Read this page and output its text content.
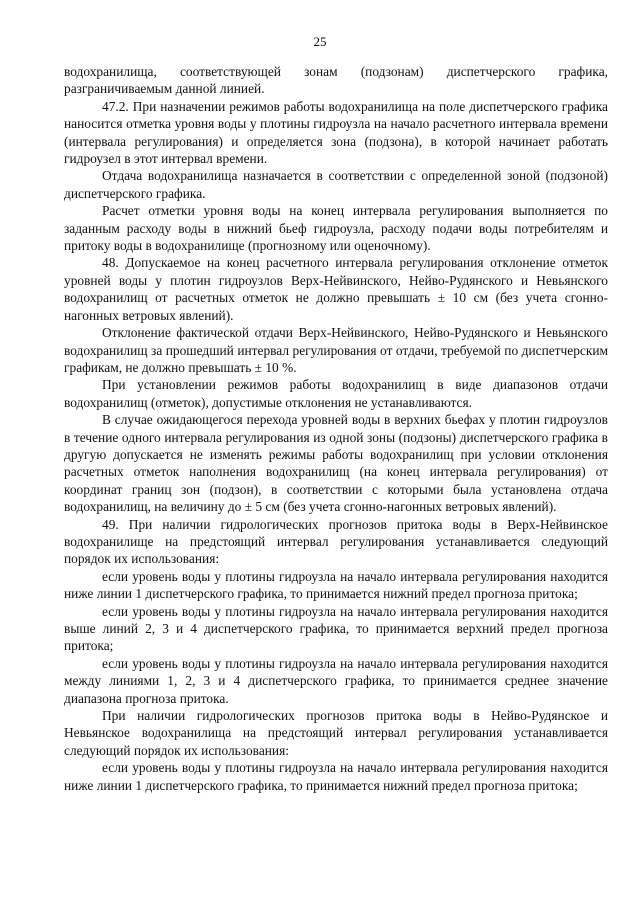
25

водохранилища, соответствующей зонам (подзонам) диспетчерского графика, разграничиваемым данной линией.

47.2. При назначении режимов работы водохранилища на поле диспетчерского графика наносится отметка уровня воды у плотины гидроузла на начало расчетного интервала времени (интервала регулирования) и определяется зона (подзона), в которой начинает работать гидроузел в этот интервал времени.

Отдача водохранилища назначается в соответствии с определенной зоной (подзоной) диспетчерского графика.

Расчет отметки уровня воды на конец интервала регулирования выполняется по заданным расходу воды в нижний бьеф гидроузла, расходу подачи воды потребителям и притоку воды в водохранилище (прогнозному или оценочному).

48. Допускаемое на конец расчетного интервала регулирования отклонение отметок уровней воды у плотин гидроузлов Верх-Нейвинского, Нейво-Рудянского и Невьянского водохранилищ от расчетных отметок не должно превышать ± 10 см (без учета сгонно-нагонных ветровых явлений).

Отклонение фактической отдачи Верх-Нейвинского, Нейво-Рудянского и Невьянского водохранилищ за прошедший интервал регулирования от отдачи, требуемой по диспетчерским графикам, не должно превышать ± 10 %.

При установлении режимов работы водохранилищ в виде диапазонов отдачи водохранилищ (отметок), допустимые отклонения не устанавливаются.

В случае ожидающегося перехода уровней воды в верхних бьефах у плотин гидроузлов в течение одного интервала регулирования из одной зоны (подзоны) диспетчерского графика в другую допускается не изменять режимы работы водохранилищ при условии отклонения расчетных отметок наполнения водохранилищ (на конец интервала регулирования) от координат границ зон (подзон), в соответствии с которыми была установлена отдача водохранилищ, на величину до ± 5 см (без учета сгонно-нагонных ветровых явлений).

49. При наличии гидрологических прогнозов притока воды в Верх-Нейвинское водохранилище на предстоящий интервал регулирования устанавливается следующий порядок их использования:

если уровень воды у плотины гидроузла на начало интервала регулирования находится ниже линии 1 диспетчерского графика, то принимается нижний предел прогноза притока;

если уровень воды у плотины гидроузла на начало интервала регулирования находится выше линий 2, 3 и 4 диспетчерского графика, то принимается верхний предел прогноза притока;

если уровень воды у плотины гидроузла на начало интервала регулирования находится между линиями 1, 2, 3 и 4 диспетчерского графика, то принимается среднее значение диапазона прогноза притока.

При наличии гидрологических прогнозов притока воды в Нейво-Рудянское и Невьянское водохранилища на предстоящий интервал регулирования устанавливается следующий порядок их использования:

если уровень воды у плотины гидроузла на начало интервала регулирования находится ниже линии 1 диспетчерского графика, то принимается нижний предел прогноза притока;
